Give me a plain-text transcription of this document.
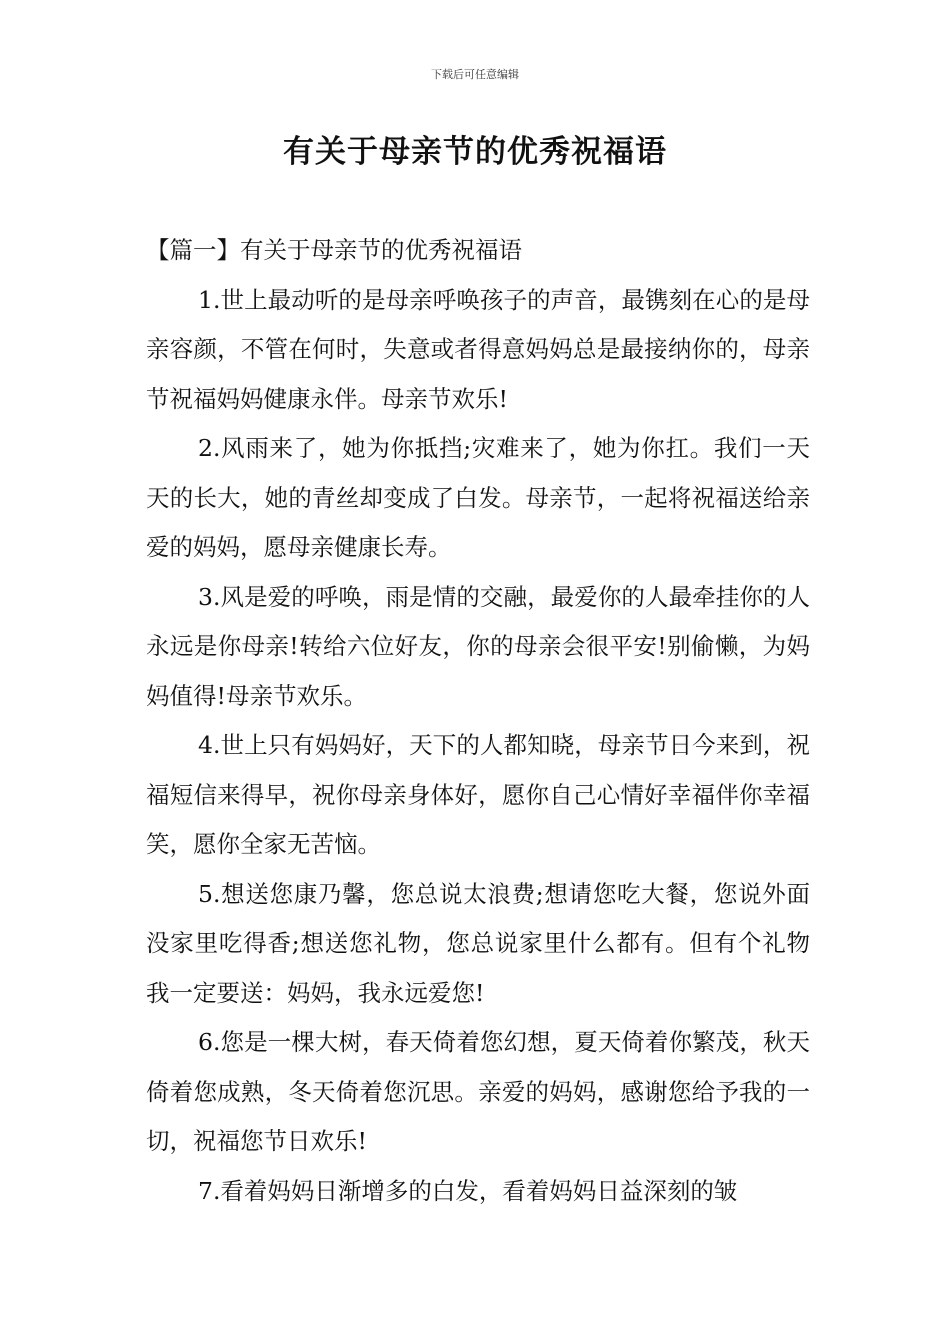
下载后可任意编辑
有关于母亲节的优秀祝福语

【篇一】有关于母亲节的优秀祝福语

1.世上最动听的是母亲呼唤孩子的声音，最镌刻在心的是母亲容颜，不管在何时，失意或者得意妈妈总是最接纳你的，母亲节祝福妈妈健康永伴。母亲节欢乐!

2.风雨来了，她为你抵挡;灾难来了，她为你扛。我们一天天的长大，她的青丝却变成了白发。母亲节，一起将祝福送给亲爱的妈妈，愿母亲健康长寿。

3.风是爱的呼唤，雨是情的交融，最爱你的人最牵挂你的人永远是你母亲!转给六位好友，你的母亲会很平安!别偷懒，为妈妈值得!母亲节欢乐。

4.世上只有妈妈好，天下的人都知晓，母亲节日今来到，祝福短信来得早，祝你母亲身体好，愿你自己心情好幸福伴你幸福笑，愿你全家无苦恼。

5.想送您康乃馨，您总说太浪费;想请您吃大餐，您说外面没家里吃得香;想送您礼物，您总说家里什么都有。但有个礼物我一定要送：妈妈，我永远爱您!

6.您是一棵大树，春天倚着您幻想，夏天倚着你繁茂，秋天倚着您成熟，冬天倚着您沉思。亲爱的妈妈，感谢您给予我的一切，祝福您节日欢乐!

7.看着妈妈日渐增多的白发，看着妈妈日益深刻的皱
